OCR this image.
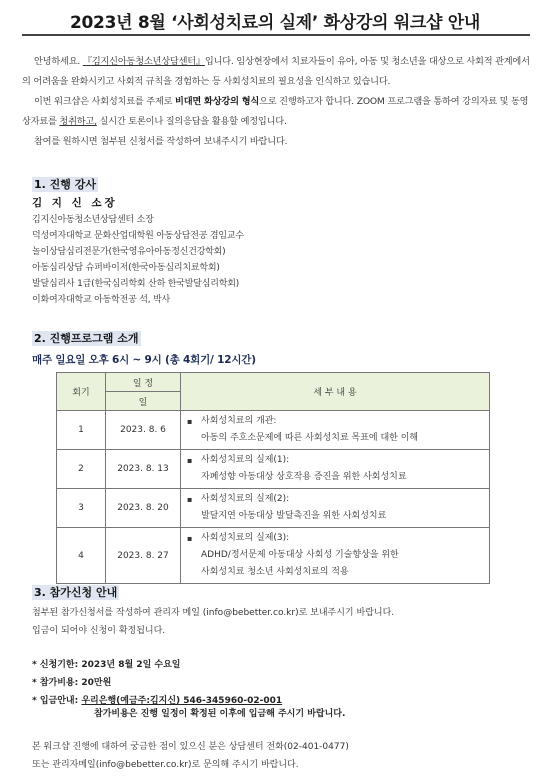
2023년 8월 ‘사회성치료의 실제’ 화상강의 워크샵 안내

안녕하세요. 『김지신아동청소년상담센터』입니다. 임상현장에서 치료자들이 유아, 아동 및 청소년을 대상으로 사회적 관계에서의 어려움을 완화시키고 사회적 규칙을 경험하는 등 사회성치료의 필요성을 인식하고 있습니다.

이번 워크샵은 사회성치료를 주제로 비대면 화상강의 형식으로 진행하고자 합니다. ZOOM 프로그램을 통하여 강의자료 및 동영상자료를 청취하고, 실시간 토론이나 질의응답을 활용할 예정입니다.

참여를 원하시면 첨부된 신청서를 작성하여 보내주시기 바랍니다.

1. 진행 강사
김 지 신 소장
김지신아동청소년상담센터 소장
덕성여자대학교 문화산업대학원 아동상담전공 겸임교수
놀이상담심리전문가(한국영유아아동정신건강학회)
아동심리상담 슈퍼바이저(한국아동심리치료학회)
발달심리사 1급(한국심리학회 산하 한국발달심리학회)
이화여자대학교 아동학전공 석, 박사
2. 진행프로그램 소개
매주 일요일 오후 6시 ~ 9시 (총 4회기/ 12시간)
회기	일 정	세 부 내 용
	일	
1	2023. 8. 6	▪ 사회성치료의 개관:
아동의 주호소문제에 따른 사회성치료 목표에 대한 이해

2	2023. 8. 13	▪ 사회성치료의 실제(1):
자폐성향 아동대상 상호작용 증진을 위한 사회성치료

3	2023. 8. 20	▪ 사회성치료의 실제(2):
발달지연 아동대상 발달촉진을 위한 사회성치료

4	2023. 8. 27	▪ 사회성치료의 실제(3):
ADHD/정서문제 아동대상 사회성 기술향상을 위한
사회성치료 청소년 사회성치료의 적용
3. 참가신청 안내
첨부된 참가신청서를 작성하여 관리자 메일 (info@bebetter.co.kr)로 보내주시기 바랍니다.
입금이 되어야 신청이 확정됩니다.
* 신청기한: 2023년 8월 2일 수요일
* 참가비용: 20만원
* 입금안내: 우리은행(예금주:김지신) 546-345960-02-001
참가비용은 진행 일정이 확정된 이후에 입금해 주시기 바랍니다.
본 워크샵 진행에 대하여 궁금한 점이 있으신 분은 상담센터 전화(02-401-0477)
또는 관리자메일(info@bebetter.co.kr)로 문의해 주시기 바랍니다.
